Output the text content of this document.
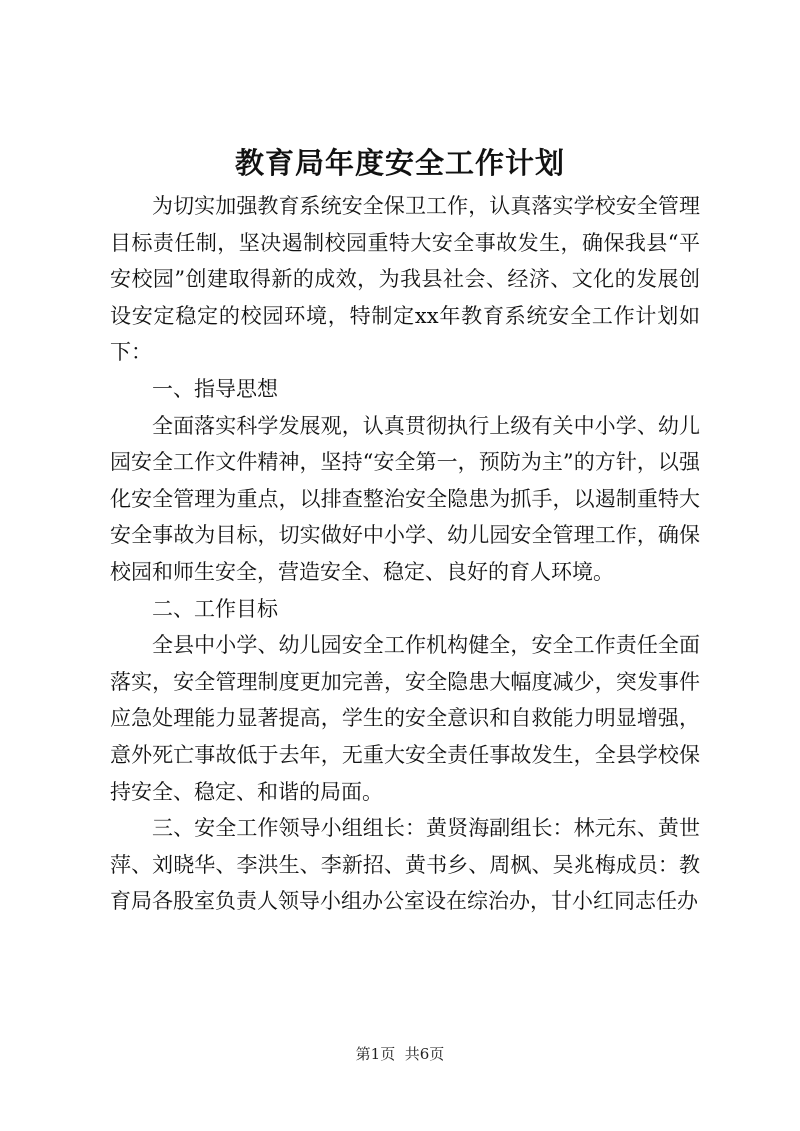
教育局年度安全工作计划

为切实加强教育系统安全保卫工作，认真落实学校安全管理目标责任制，坚决遏制校园重特大安全事故发生，确保我县“平安校园”创建取得新的成效，为我县社会、经济、文化的发展创设安定稳定的校园环境，特制定xx年教育系统安全工作计划如下：

一、指导思想

全面落实科学发展观，认真贯彻执行上级有关中小学、幼儿园安全工作文件精神，坚持“安全第一，预防为主”的方针，以强化安全管理为重点，以排查整治安全隐患为抓手，以遏制重特大安全事故为目标，切实做好中小学、幼儿园安全管理工作，确保校园和师生安全，营造安全、稳定、良好的育人环境。

二、工作目标

全县中小学、幼儿园安全工作机构健全，安全工作责任全面落实，安全管理制度更加完善，安全隐患大幅度减少，突发事件应急处理能力显著提高，学生的安全意识和自救能力明显增强，意外死亡事故低于去年，无重大安全责任事故发生，全县学校保持安全、稳定、和谐的局面。

三、安全工作领导小组组长：黄贤海副组长：林元东、黄世萍、刘晓华、李洪生、李新招、黄书乡、周枫、吴兆梅成员：教育局各股室负责人领导小组办公室设在综治办，甘小红同志任办

第1页 共6页
